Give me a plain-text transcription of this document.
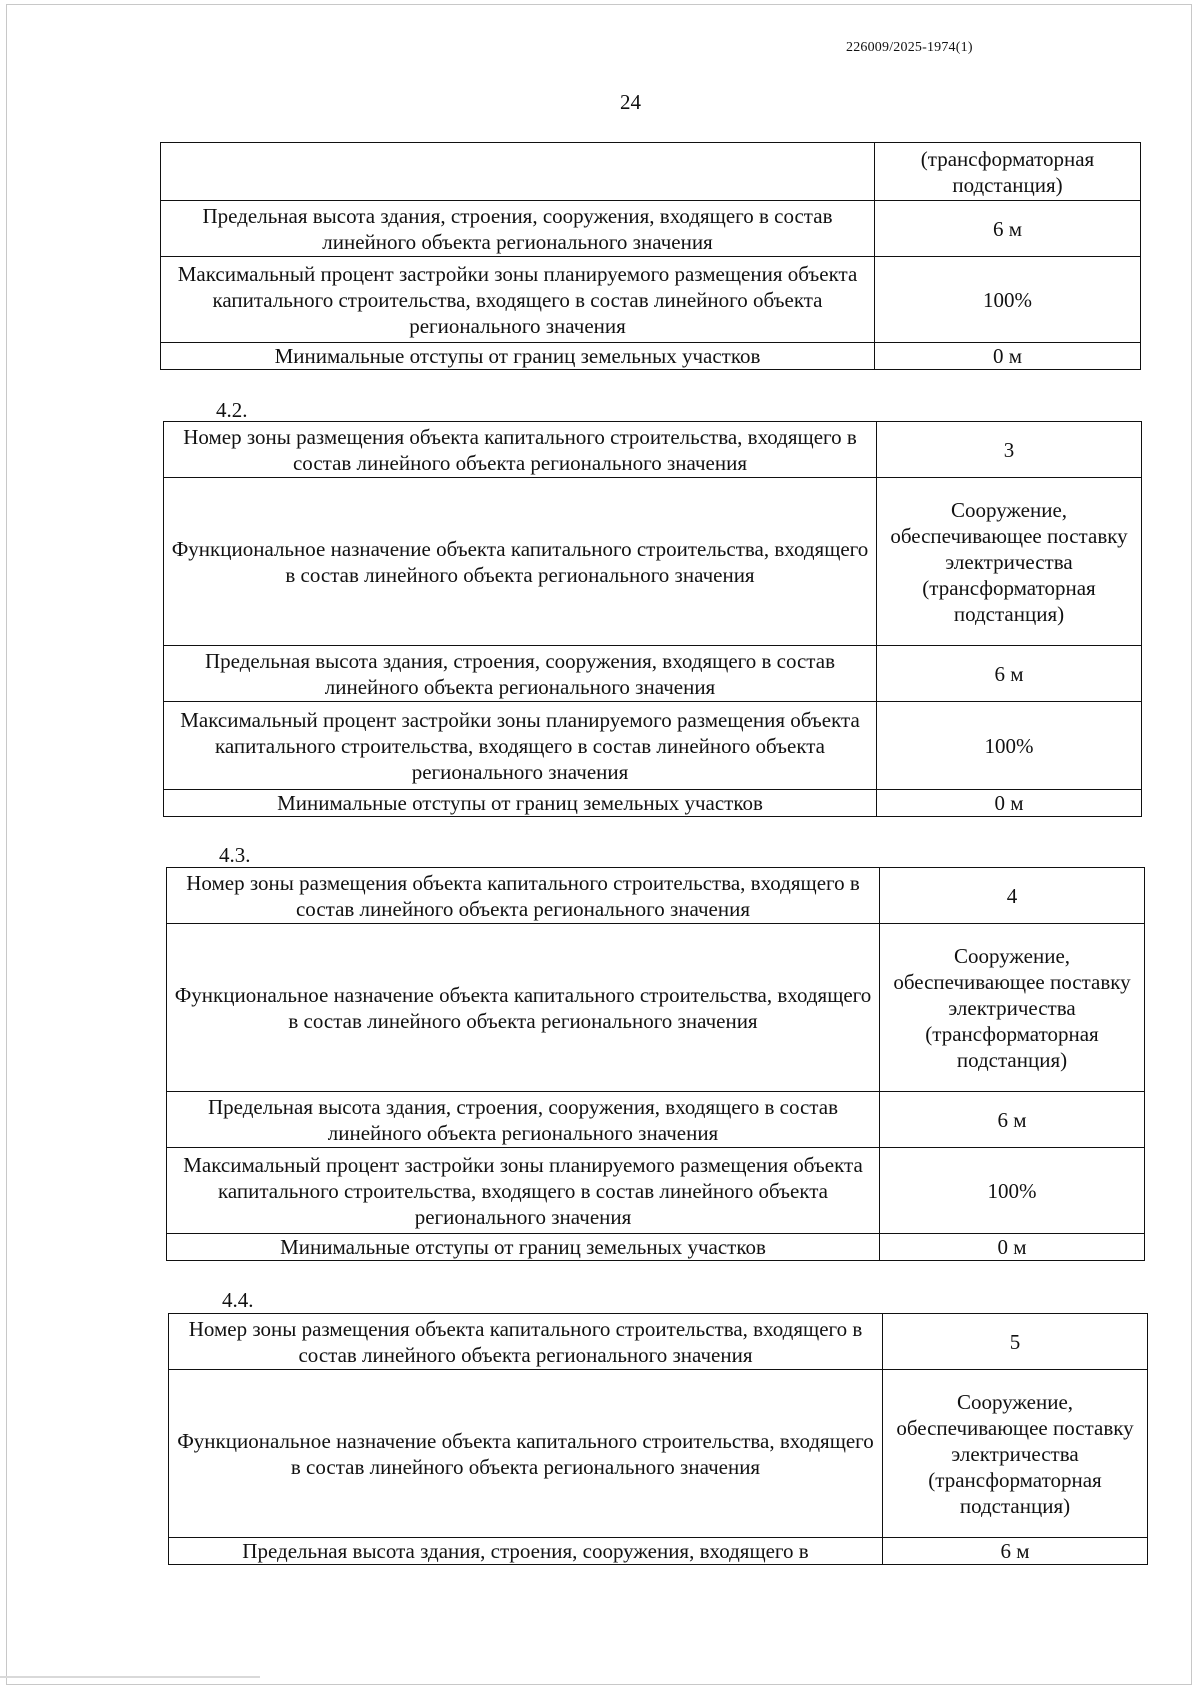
226009/2025-1974(1)
24
	(трансформаторная подстанция)
Предельная высота здания, строения, сооружения, входящего в состав линейного объекта регионального значения	6 м
Максимальный процент застройки зоны планируемого размещения объекта капитального строительства, входящего в состав линейного объекта регионального значения	100%
Минимальные отступы от границ земельных участков	0 м
4.2.
Номер зоны размещения объекта капитального строительства, входящего в состав линейного объекта регионального значения	3
Функциональное назначение объекта капитального строительства, входящего в состав линейного объекта регионального значения	Сооружение, обеспечивающее поставку электричества (трансформаторная подстанция)
Предельная высота здания, строения, сооружения, входящего в состав линейного объекта регионального значения	6 м
Максимальный процент застройки зоны планируемого размещения объекта капитального строительства, входящего в состав линейного объекта регионального значения	100%
Минимальные отступы от границ земельных участков	0 м
4.3.
Номер зоны размещения объекта капитального строительства, входящего в состав линейного объекта регионального значения	4
Функциональное назначение объекта капитального строительства, входящего в состав линейного объекта регионального значения	Сооружение, обеспечивающее поставку электричества (трансформаторная подстанция)
Предельная высота здания, строения, сооружения, входящего в состав линейного объекта регионального значения	6 м
Максимальный процент застройки зоны планируемого размещения объекта капитального строительства, входящего в состав линейного объекта регионального значения	100%
Минимальные отступы от границ земельных участков	0 м
4.4.
Номер зоны размещения объекта капитального строительства, входящего в состав линейного объекта регионального значения	5
Функциональное назначение объекта капитального строительства, входящего в состав линейного объекта регионального значения	Сооружение, обеспечивающее поставку электричества (трансформаторная подстанция)
Предельная высота здания, строения, сооружения, входящего в	6 м
